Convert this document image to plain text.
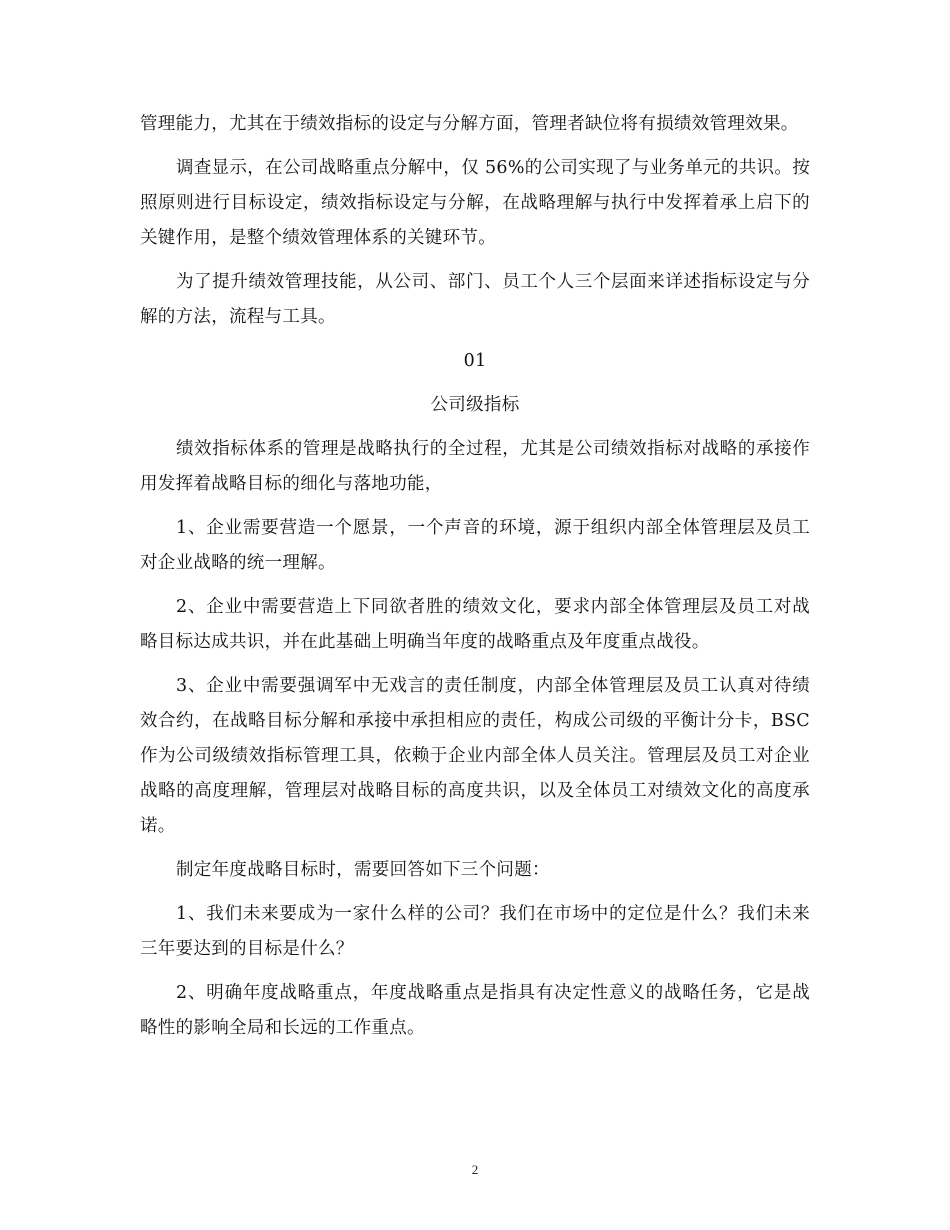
管理能力，尤其在于绩效指标的设定与分解方面，管理者缺位将有损绩效管理效果。

调查显示，在公司战略重点分解中，仅 56%的公司实现了与业务单元的共识。按照原则进行目标设定，绩效指标设定与分解，在战略理解与执行中发挥着承上启下的关键作用，是整个绩效管理体系的关键环节。

为了提升绩效管理技能，从公司、部门、员工个人三个层面来详述指标设定与分解的方法，流程与工具。

01

公司级指标

绩效指标体系的管理是战略执行的全过程，尤其是公司绩效指标对战略的承接作用发挥着战略目标的细化与落地功能，

1、企业需要营造一个愿景，一个声音的环境，源于组织内部全体管理层及员工对企业战略的统一理解。

2、企业中需要营造上下同欲者胜的绩效文化，要求内部全体管理层及员工对战略目标达成共识，并在此基础上明确当年度的战略重点及年度重点战役。

3、企业中需要强调军中无戏言的责任制度，内部全体管理层及员工认真对待绩效合约，在战略目标分解和承接中承担相应的责任，构成公司级的平衡计分卡，BSC 作为公司级绩效指标管理工具，依赖于企业内部全体人员关注。管理层及员工对企业战略的高度理解，管理层对战略目标的高度共识，以及全体员工对绩效文化的高度承诺。

制定年度战略目标时，需要回答如下三个问题：

1、我们未来要成为一家什么样的公司？我们在市场中的定位是什么？我们未来三年要达到的目标是什么？

2、明确年度战略重点，年度战略重点是指具有决定性意义的战略任务，它是战略性的影响全局和长远的工作重点。

2
